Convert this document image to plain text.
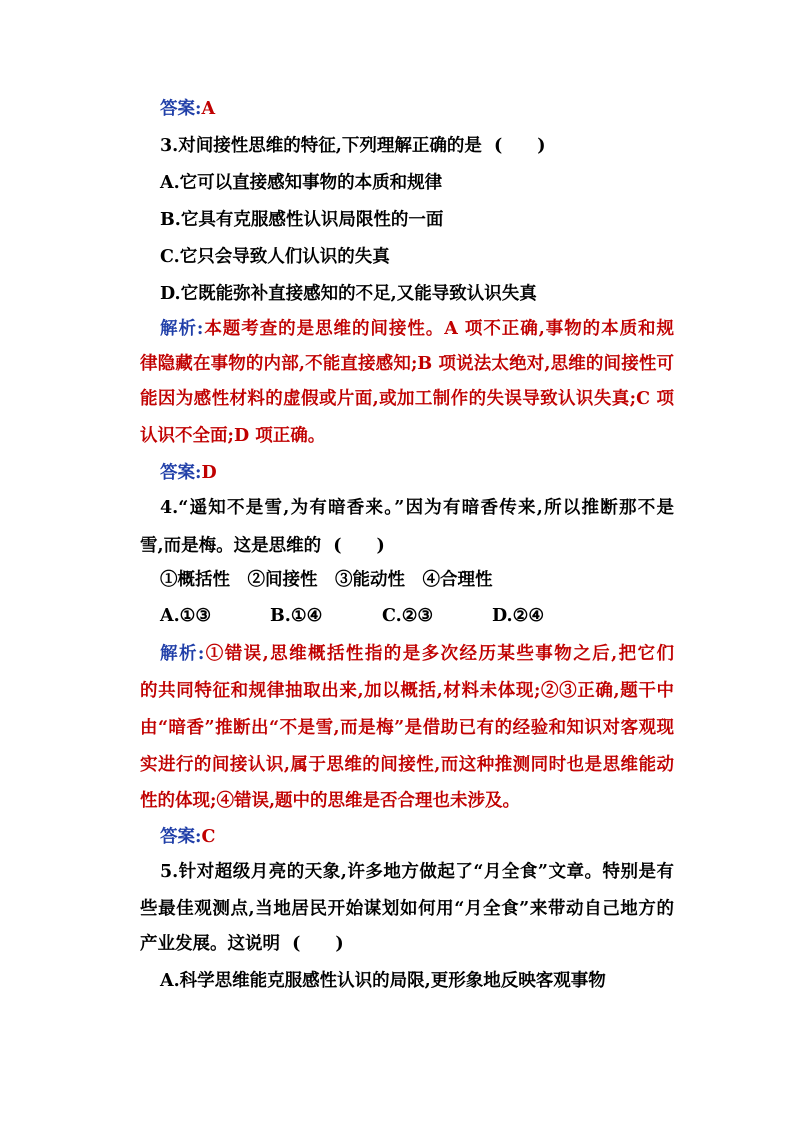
答案:A
3.对间接性思维的特征,下列理解正确的是 (　　)
A.它可以直接感知事物的本质和规律
B.它具有克服感性认识局限性的一面
C.它只会导致人们认识的失真
D.它既能弥补直接感知的不足,又能导致认识失真
解析:本题考查的是思维的间接性。A 项不正确,事物的本质和规
律隐藏在事物的内部,不能直接感知;B 项说法太绝对,思维的间接性可
能因为感性材料的虚假或片面,或加工制作的失误导致认识失真;C 项
认识不全面;D 项正确。
答案:D
4.“遥知不是雪,为有暗香来。”因为有暗香传来,所以推断那不是
雪,而是梅。这是思维的 (　　)
①概括性　②间接性　③能动性　④合理性
A.①③	B.①④	C.②③	D.②④
解析:①错误,思维概括性指的是多次经历某些事物之后,把它们
的共同特征和规律抽取出来,加以概括,材料未体现;②③正确,题干中
由“暗香”推断出“不是雪,而是梅”是借助已有的经验和知识对客观现
实进行的间接认识,属于思维的间接性,而这种推测同时也是思维能动
性的体现;④错误,题中的思维是否合理也未涉及。
答案:C
5.针对超级月亮的天象,许多地方做起了“月全食”文章。特别是有
些最佳观测点,当地居民开始谋划如何用“月全食”来带动自己地方的
产业发展。这说明 (　　)
A.科学思维能克服感性认识的局限,更形象地反映客观事物
